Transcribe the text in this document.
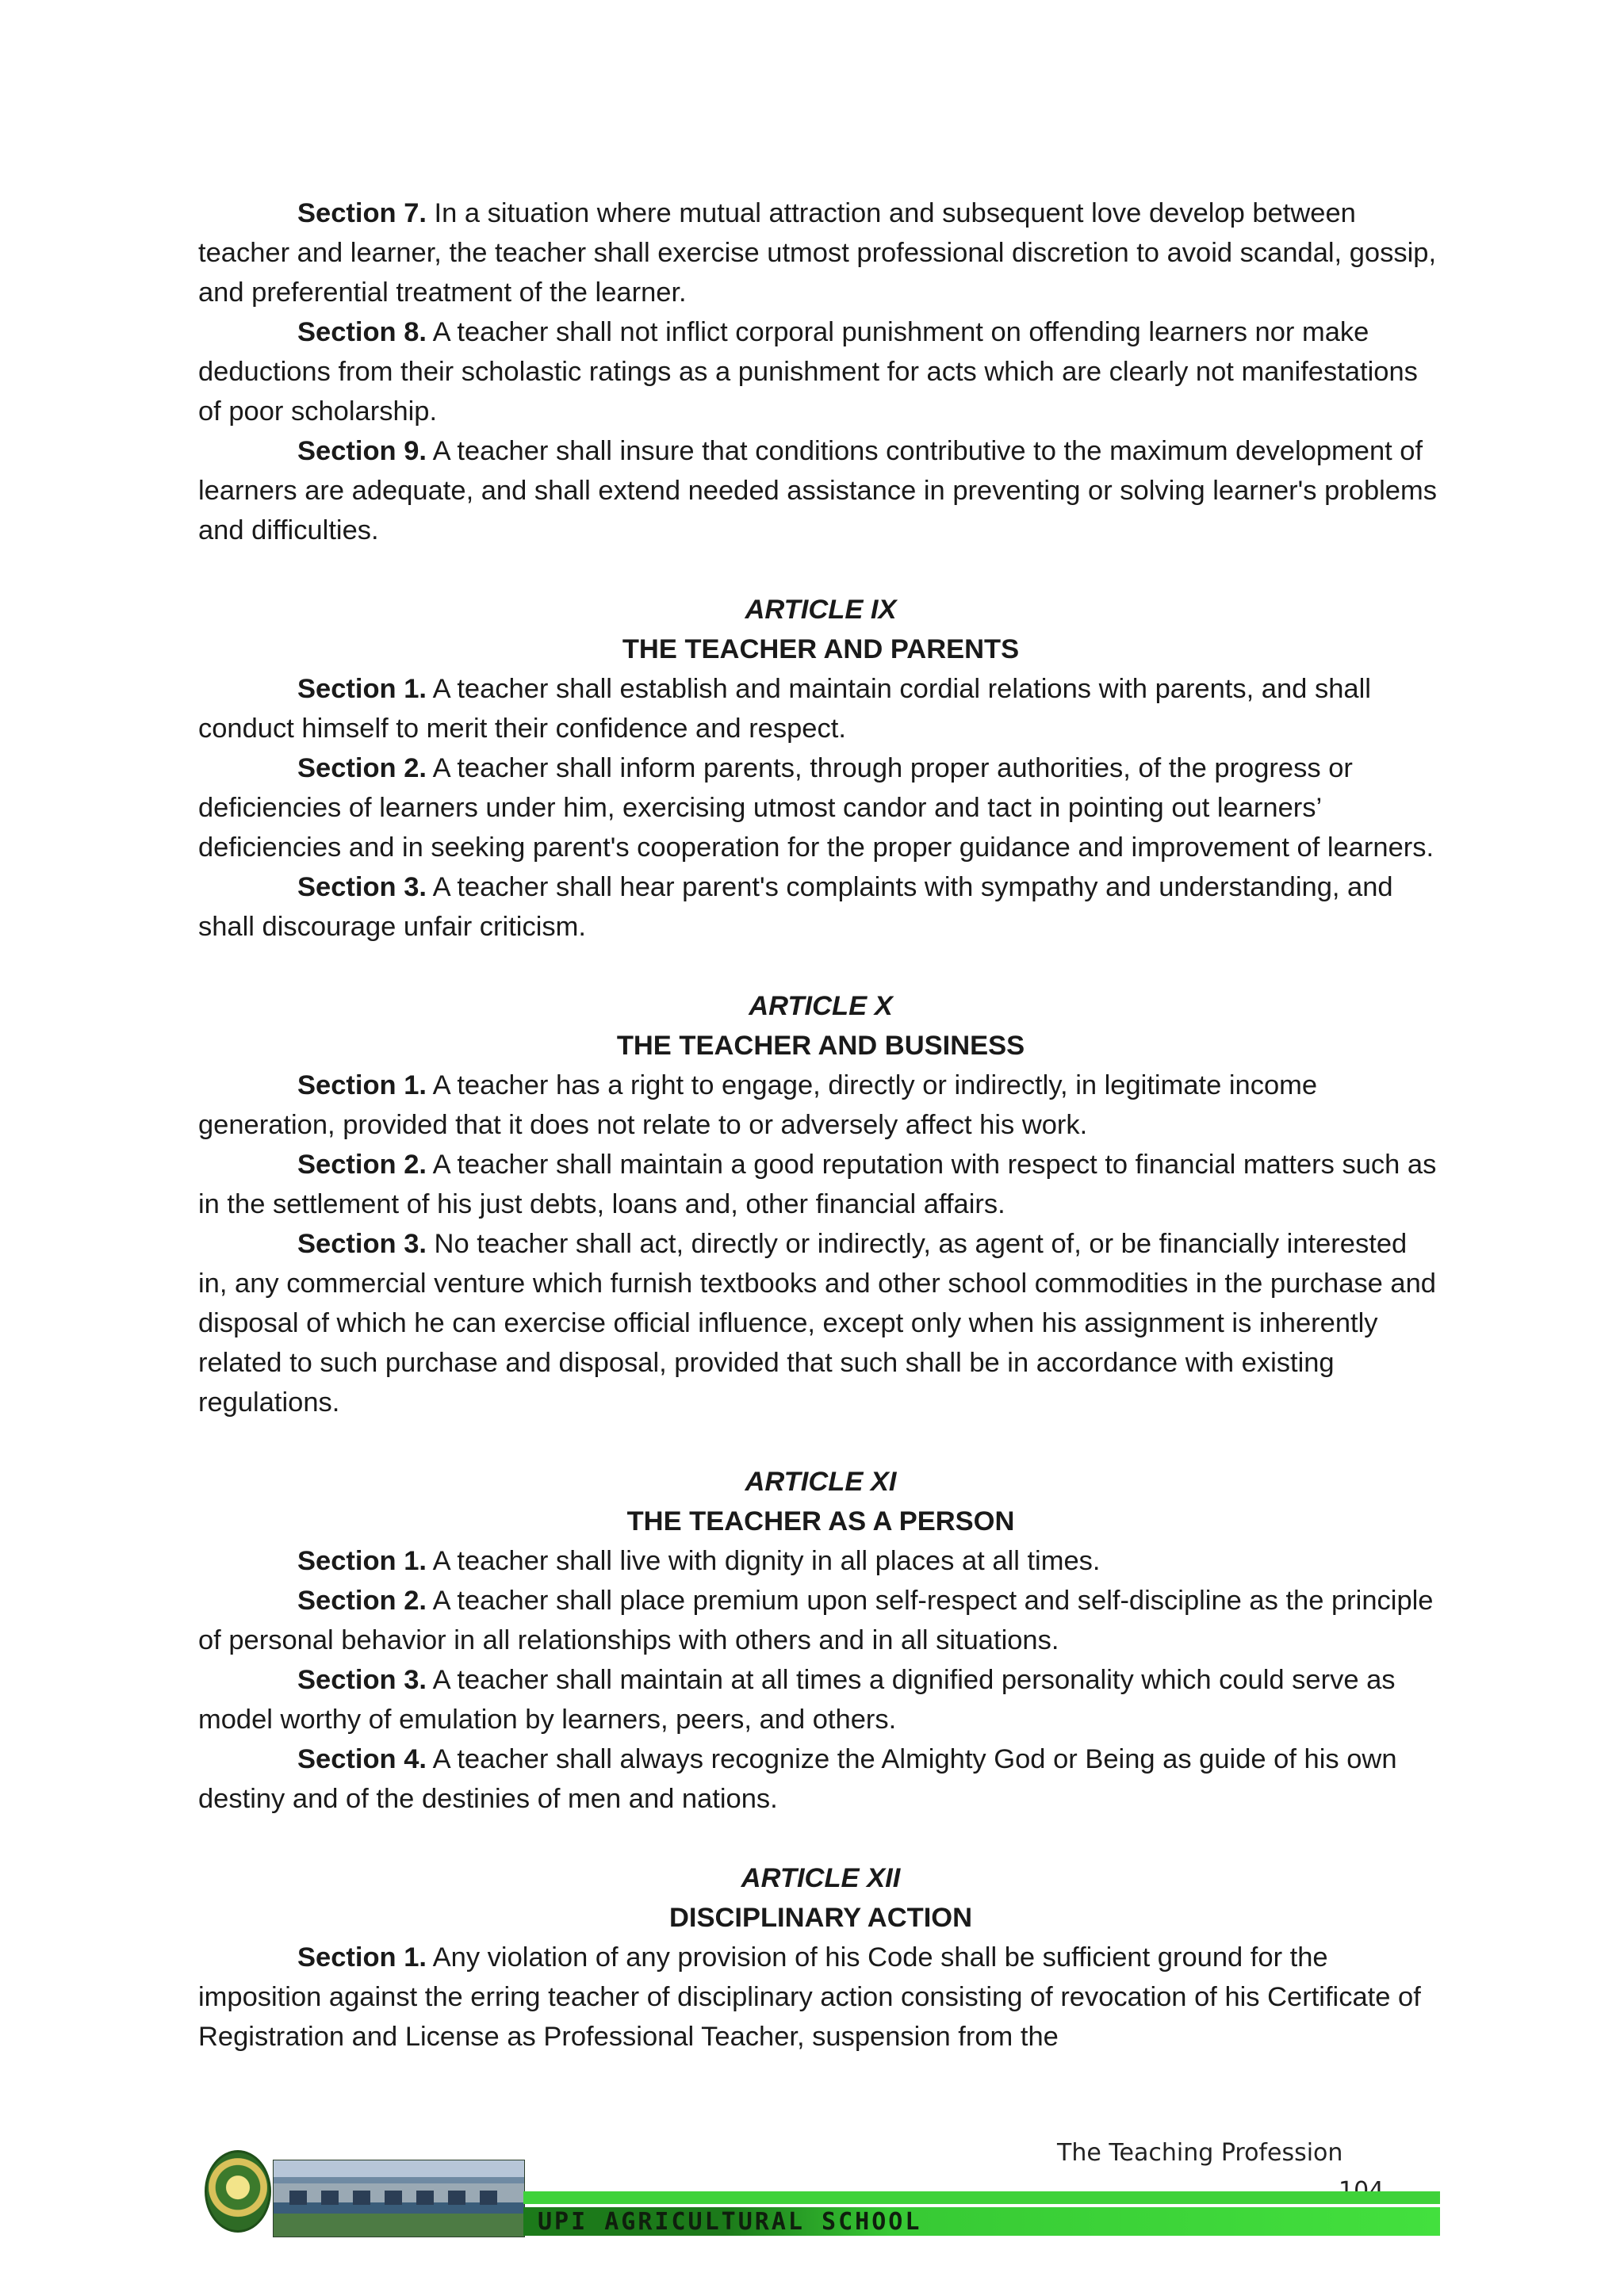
Section 7. In a situation where mutual attraction and subsequent love develop between teacher and learner, the teacher shall exercise utmost professional discretion to avoid scandal, gossip, and preferential treatment of the learner.

Section 8. A teacher shall not inflict corporal punishment on offending learners nor make deductions from their scholastic ratings as a punishment for acts which are clearly not manifestations of poor scholarship.

Section 9. A teacher shall insure that conditions contributive to the maximum development of learners are adequate, and shall extend needed assistance in preventing or solving learner's problems and difficulties.

ARTICLE IX
THE TEACHER AND PARENTS

Section 1. A teacher shall establish and maintain cordial relations with parents, and shall conduct himself to merit their confidence and respect.

Section 2. A teacher shall inform parents, through proper authorities, of the progress or deficiencies of learners under him, exercising utmost candor and tact in pointing out learners’ deficiencies and in seeking parent's cooperation for the proper guidance and improvement of learners.

Section 3. A teacher shall hear parent's complaints with sympathy and understanding, and shall discourage unfair criticism.

ARTICLE X
THE TEACHER AND BUSINESS

Section 1. A teacher has a right to engage, directly or indirectly, in legitimate income generation, provided that it does not relate to or adversely affect his work.

Section 2. A teacher shall maintain a good reputation with respect to financial matters such as in the settlement of his just debts, loans and, other financial affairs.

Section 3. No teacher shall act, directly or indirectly, as agent of, or be financially interested in, any commercial venture which furnish textbooks and other school commodities in the purchase and disposal of which he can exercise official influence, except only when his assignment is inherently related to such purchase and disposal, provided that such shall be in accordance with existing regulations.

ARTICLE XI
THE TEACHER AS A PERSON

Section 1. A teacher shall live with dignity in all places at all times.

Section 2. A teacher shall place premium upon self-respect and self-discipline as the principle of personal behavior in all relationships with others and in all situations.

Section 3. A teacher shall maintain at all times a dignified personality which could serve as model worthy of emulation by learners, peers, and others.

Section 4. A teacher shall always recognize the Almighty God or Being as guide of his own destiny and of the destinies of men and nations.

ARTICLE XII
DISCIPLINARY ACTION

Section 1. Any violation of any provision of his Code shall be sufficient ground for the imposition against the erring teacher of disciplinary action consisting of revocation of his Certificate of Registration and License as Professional Teacher, suspension from the

The Teaching Profession
UPI AGRICULTURAL SCHOOL
